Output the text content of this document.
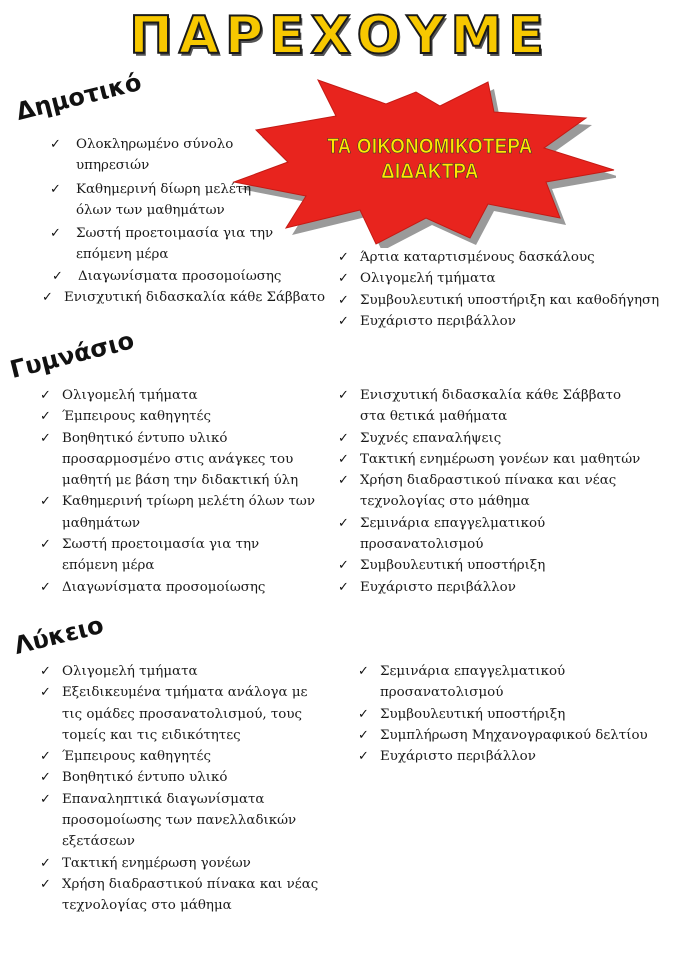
ΠΑΡΕΧΟΥΜΕ
ΤΑ ΟΙΚΟΝΟΜΙΚΟΤΕΡΑ
ΔΙΔΑΚΤΡΑ
Δημοτικό
✓ Ολοκληρωμένο σύνολο υπηρεσιών
✓ Καθημερινή δίωρη μελέτη όλων των μαθημάτων
✓ Σωστή προετοιμασία για την επόμενη μέρα
✓ Διαγωνίσματα προσομοίωσης
✓ Ενισχυτική διδασκαλία κάθε Σάββατο
✓ Άρτια καταρτισμένους δασκάλους
✓ Ολιγομελή τμήματα
✓ Συμβουλευτική υποστήριξη και καθοδήγηση
✓ Ευχάριστο περιβάλλον
Γυμνάσιο
✓ Ολιγομελή τμήματα
✓ Έμπειρους καθηγητές
✓ Βοηθητικό έντυπο υλικό προσαρμοσμένο στις ανάγκες του μαθητή με βάση την διδακτική ύλη
✓ Καθημερινή τρίωρη μελέτη όλων των μαθημάτων
✓ Σωστή προετοιμασία για την επόμενη μέρα
✓ Διαγωνίσματα προσομοίωσης
✓ Ενισχυτική διδασκαλία κάθε Σάββατο στα θετικά μαθήματα
✓ Συχνές επαναλήψεις
✓ Τακτική ενημέρωση γονέων και μαθητών
✓ Χρήση διαδραστικού πίνακα και νέας τεχνολογίας στο μάθημα
✓ Σεμινάρια επαγγελματικού προσανατολισμού
✓ Συμβουλευτική υποστήριξη
✓ Ευχάριστο περιβάλλον
Λύκειο
✓ Ολιγομελή τμήματα
✓ Εξειδικευμένα τμήματα ανάλογα με τις ομάδες προσανατολισμού, τους τομείς και τις ειδικότητες
✓ Έμπειρους καθηγητές
✓ Βοηθητικό έντυπο υλικό
✓ Επαναληπτικά διαγωνίσματα προσομοίωσης των πανελλαδικών εξετάσεων
✓ Τακτική ενημέρωση γονέων
✓ Χρήση διαδραστικού πίνακα και νέας τεχνολογίας στο μάθημα
✓ Σεμινάρια επαγγελματικού προσανατολισμού
✓ Συμβουλευτική υποστήριξη
✓ Συμπλήρωση Μηχανογραφικού δελτίου
✓ Ευχάριστο περιβάλλον
